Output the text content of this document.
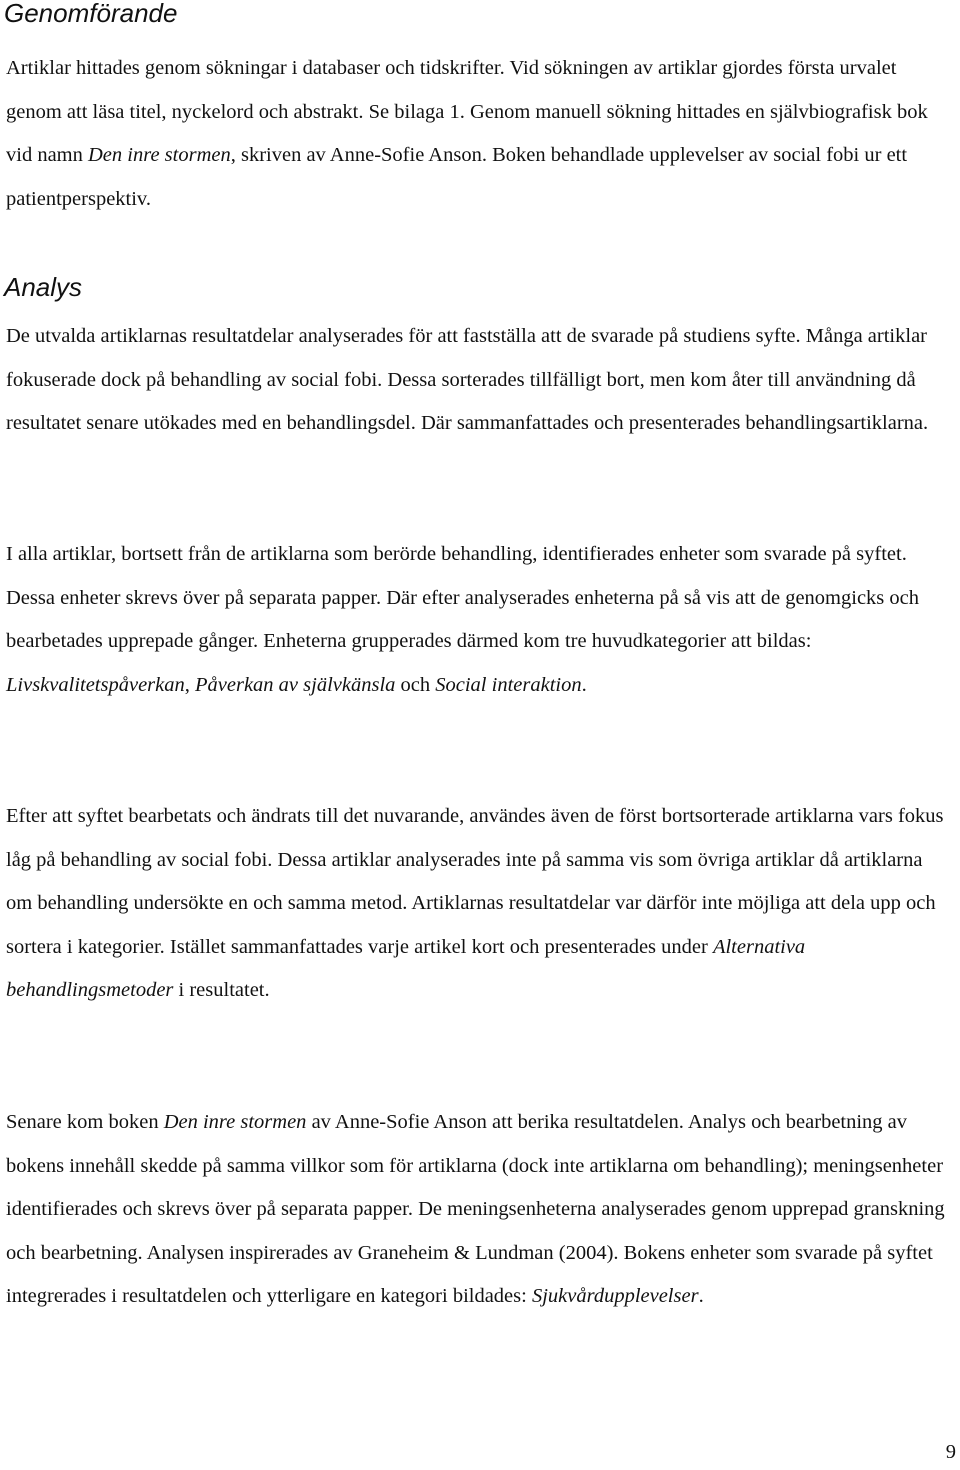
Genomförande

Artiklar hittades genom sökningar i databaser och tidskrifter. Vid sökningen av artiklar gjordes första urvalet genom att läsa titel, nyckelord och abstrakt. Se bilaga 1. Genom manuell sökning hittades en självbiografisk bok vid namn Den inre stormen, skriven av Anne-Sofie Anson. Boken behandlade upplevelser av social fobi ur ett patientperspektiv.

Analys

De utvalda artiklarnas resultatdelar analyserades för att fastställa att de svarade på studiens syfte. Många artiklar fokuserade dock på behandling av social fobi. Dessa sorterades tillfälligt bort, men kom åter till användning då resultatet senare utökades med en behandlingsdel. Där sammanfattades och presenterades behandlingsartiklarna.

I alla artiklar, bortsett från de artiklarna som berörde behandling, identifierades enheter som svarade på syftet. Dessa enheter skrevs över på separata papper. Där efter analyserades enheterna på så vis att de genomgicks och bearbetades upprepade gånger. Enheterna grupperades därmed kom tre huvudkategorier att bildas: Livskvalitetspåverkan, Påverkan av självkänsla och Social interaktion.

Efter att syftet bearbetats och ändrats till det nuvarande, användes även de först bortsorterade artiklarna vars fokus låg på behandling av social fobi. Dessa artiklar analyserades inte på samma vis som övriga artiklar då artiklarna om behandling undersökte en och samma metod. Artiklarnas resultatdelar var därför inte möjliga att dela upp och sortera i kategorier. Istället sammanfattades varje artikel kort och presenterades under Alternativa behandlingsmetoder i resultatet.

Senare kom boken Den inre stormen av Anne-Sofie Anson att berika resultatdelen. Analys och bearbetning av bokens innehåll skedde på samma villkor som för artiklarna (dock inte artiklarna om behandling); meningsenheter identifierades och skrevs över på separata papper. De meningsenheterna analyserades genom upprepad granskning och bearbetning. Analysen inspirerades av Graneheim & Lundman (2004). Bokens enheter som svarade på syftet integrerades i resultatdelen och ytterligare en kategori bildades: Sjukvårdupplevelser.

9
